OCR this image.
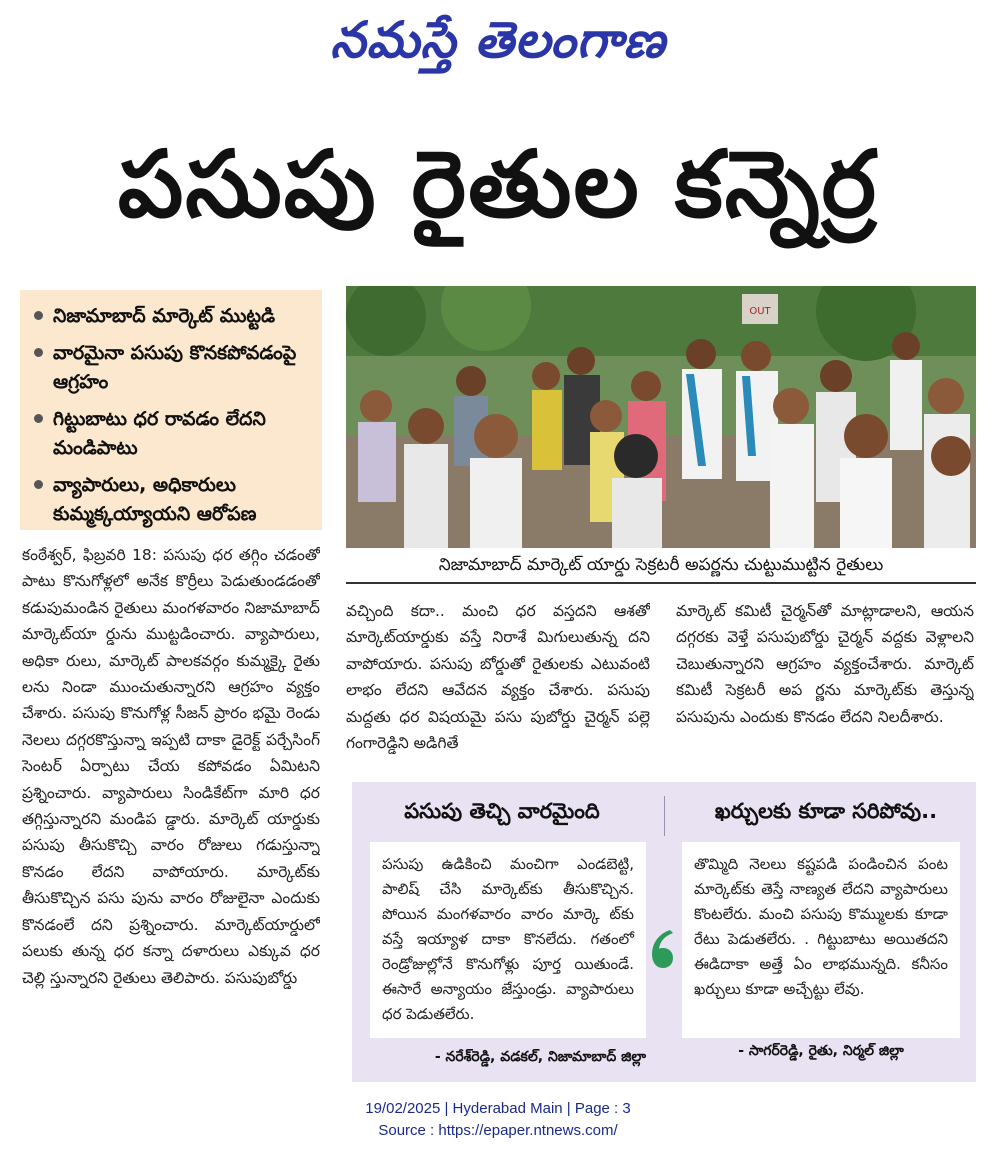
నమస్తే తెలంగాణ
పసుపు రైతుల కన్నెర్ర
నిజామాబాద్ మార్కెట్ ముట్టడి
వారమైనా పసుపు కొనకపోవడంపై ఆగ్రహం
గిట్టుబాటు ధర రావడం లేదని మండిపాటు
వ్యాపారులు, అధికారులు కుమ్మక్కయ్యాయని ఆరోపణ
OUT
నిజామాబాద్ మార్కెట్ యార్డు సెక్రటరీ అపర్ణను చుట్టుముట్టిన రైతులు
కంఠేశ్వర్, ఫిబ్రవరి 18: పసుపు ధర తగ్గిం చడంతో పాటు కొనుగోళ్లలో అనేక కొర్రీలు పెడుతుండడంతో కడుపుమండిన రైతులు మంగళవారం నిజామాబాద్ మార్కెట్‌యా ర్డును ముట్టడించారు. వ్యాపారులు, అధికా రులు, మార్కెట్ పాలకవర్గం కుమ్మక్కై రైతు లను నిండా ముంచుతున్నారని ఆగ్రహం వ్యక్తం చేశారు. పసుపు కొనుగోళ్ల సీజన్ ప్రారం భమై రెండు నెలలు దగ్గరకొస్తున్నా ఇప్పటి దాకా డైరెక్ట్ పర్చేసింగ్ సెంటర్ ఏర్పాటు చేయ కపోవడం ఏమిటని ప్రశ్నించారు. వ్యాపారులు సిండికేట్‌గా మారి ధర తగ్గిస్తున్నారని మండిప డ్డారు. మార్కెట్ యార్డుకు పసుపు తీసుకొచ్చి వారం రోజులు గడుస్తున్నా కొనడం లేదని వాపోయారు. మార్కెట్‌కు తీసుకొచ్చిన పసు పును వారం రోజులైనా ఎందుకు కొనడంలే దని ప్రశ్నించారు. మార్కెట్‌యార్డులో పలుకు తున్న ధర కన్నా దళారులు ఎక్కువ ధర చెల్లి స్తున్నారని రైతులు తెలిపారు. పసుపుబోర్డు
వచ్చింది కదా.. మంచి ధర వస్తదని ఆశతో మార్కెట్‌యార్డుకు వస్తే నిరాశే మిగులుతున్న దని వాపోయారు. పసుపు బోర్డుతో రైతులకు ఎటువంటి లాభం లేదని ఆవేదన వ్యక్తం చేశారు. పసుపు మద్దతు ధర విషయమై పసు పుబోర్డు చైర్మన్ పల్లె గంగారెడ్డిని అడిగితే
మార్కెట్ కమిటీ చైర్మన్‌తో మాట్లాడాలని, ఆయన దగ్గరకు వెళ్తే పసుపుబోర్డు చైర్మన్ వద్దకు వెళ్లాలని చెబుతున్నారని ఆగ్రహం వ్యక్తంచేశారు. మార్కెట్ కమిటీ సెక్రటరీ అప ర్ణను మార్కెట్‌కు తెస్తున్న పసుపును ఎందుకు కొనడం లేదని నిలదీశారు.
పసుపు తెచ్చి వారమైంది	ఖర్చులకు కూడా సరిపోవు..
పసుపు ఉడికించి మంచిగా ఎండబెట్టి, పాలిష్ చేసి మార్కెట్‌కు తీసుకొచ్చిన. పోయిన మంగళవారం వారం మార్కె ట్‌కు వస్తే ఇయ్యాళ దాకా కొనలేదు. గతంలో రెండ్రోజుల్లోనే కొనుగోళ్లు పూర్త యితుండే. ఈసారే అన్యాయం జేస్తుండ్రు. వ్యాపారులు ధర పెడుతలేరు.
తొమ్మిది నెలలు కష్టపడి పండించిన పంట మార్కెట్‌కు తెస్తే నాణ్యత లేదని వ్యాపారులు కొంటలేరు. మంచి పసుపు కొమ్ములకు కూడా రేటు పెడుతలేరు. . గిట్టుబాటు అయితదని ఈడిదాకా అత్తే ఏం లాభమున్నది. కనీసం ఖర్చులు కూడా అచ్చేట్టు లేవు.
- నరేశ్‌రెడ్డి, వడకల్, నిజామాబాద్ జిల్లా	- సాగర్‌రెడ్డి, రైతు, నిర్మల్ జిల్లా
19/02/2025 | Hyderabad Main | Page : 3
Source : https://epaper.ntnews.com/
